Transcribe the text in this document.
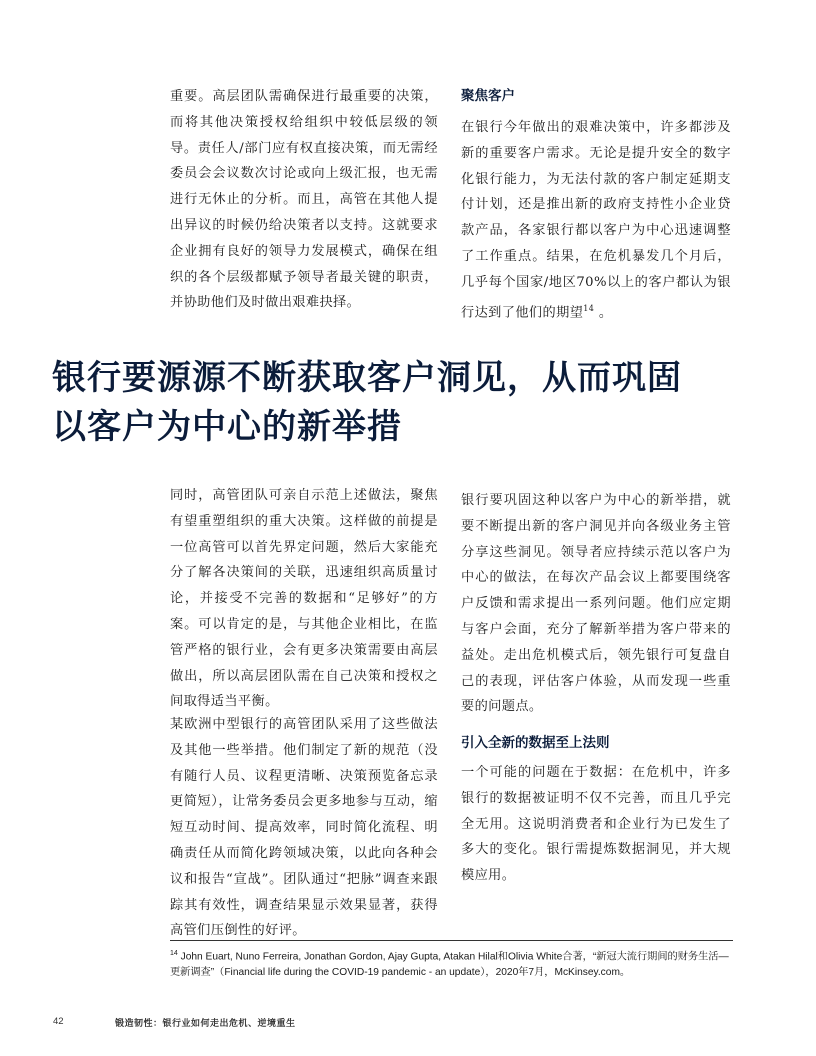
重要。高层团队需确保进行最重要的决策，而将其他决策授权给组织中较低层级的领导。责任人/部门应有权直接决策，而无需经委员会会议数次讨论或向上级汇报，也无需进行无休止的分析。而且，高管在其他人提出异议的时候仍给决策者以支持。这就要求企业拥有良好的领导力发展模式，确保在组织的各个层级都赋予领导者最关键的职责，并协助他们及时做出艰难抉择。

聚焦客户

在银行今年做出的艰难决策中，许多都涉及新的重要客户需求。无论是提升安全的数字化银行能力，为无法付款的客户制定延期支付计划，还是推出新的政府支持性小企业贷款产品，各家银行都以客户为中心迅速调整了工作重点。结果，在危机暴发几个月后，几乎每个国家/地区70%以上的客户都认为银行达到了他们的期望$^{14}$ 。

银行要源源不断获取客户洞见，从而巩固以客户为中心的新举措

同时，高管团队可亲自示范上述做法，聚焦有望重塑组织的重大决策。这样做的前提是一位高管可以首先界定问题，然后大家能充分了解各决策间的关联，迅速组织高质量讨论，并接受不完善的数据和“足够好”的方案。可以肯定的是，与其他企业相比，在监管严格的银行业，会有更多决策需要由高层做出，所以高层团队需在自己决策和授权之间取得适当平衡。

某欧洲中型银行的高管团队采用了这些做法及其他一些举措。他们制定了新的规范（没有随行人员、议程更清晰、决策预览备忘录更简短），让常务委员会更多地参与互动，缩短互动时间、提高效率，同时简化流程、明确责任从而简化跨领域决策，以此向各种会议和报告“宣战”。团队通过“把脉”调查来跟踪其有效性，调查结果显示效果显著，获得高管们压倒性的好评。

银行要巩固这种以客户为中心的新举措，就要不断提出新的客户洞见并向各级业务主管分享这些洞见。领导者应持续示范以客户为中心的做法，在每次产品会议上都要围绕客户反馈和需求提出一系列问题。他们应定期与客户会面，充分了解新举措为客户带来的益处。走出危机模式后，领先银行可复盘自己的表现，评估客户体验，从而发现一些重要的问题点。

引入全新的数据至上法则

一个可能的问题在于数据：在危机中，许多银行的数据被证明不仅不完善，而且几乎完全无用。这说明消费者和企业行为已发生了多大的变化。银行需提炼数据洞见，并大规模应用。

$^{14}$ John Euart, Nuno Ferreira, Jonathan Gordon, Ajay Gupta, Atakan Hilal和Olivia White合著，“新冠大流行期间的财务生活—更新调查”（Financial life during the COVID-19 pandemic - an update），2020年7月，McKinsey.com。

42	锻造韧性：银行业如何走出危机、逆境重生
